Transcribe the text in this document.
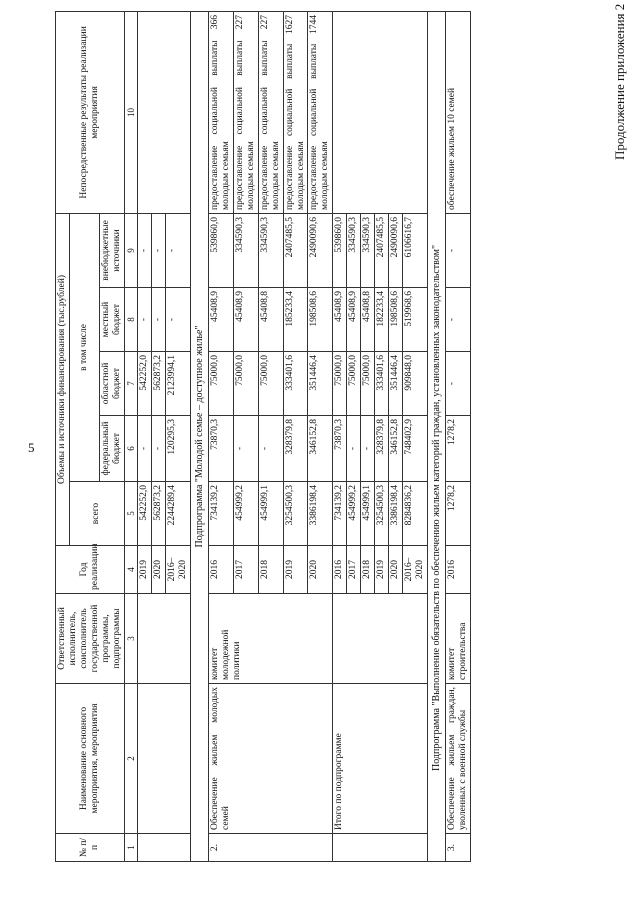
5
Продолжение приложения 2
№ п/п	Наименование основного мероприятия, мероприятия	Ответственный исполнитель, соисполнитель государственной программы, подпрограммы	Год реализации	Объемы и источники финансирования (тыс.рублей)					Непосредственные результаты реализации мероприятия
				всего	в том числе				
					федеральный бюджет	областной бюджет	местный бюджет	внебюджетные источники	
1	2	3	4	5	6	7	8	9	10
			2019	542252,0	-	542252,0	-	-	
			2020	562873,2	-	562873,2	-	-	
			2016–2020	2244289,4	120295,3	2123994,1	-	-	
Подпрограмма "Молодой семье – доступное жилье"									
2.	Обеспечение жильем молодых семей	комитет молодежной политики	2016	734139,2	73870,3	75000,0	45408,9	539860,0	предоставление социальной выплаты 366 молодым семьям
			2017	454999,2	-	75000,0	45408,9	334590,3	предоставление социальной выплаты 227 молодым семьям
			2018	454999,1	-	75000,0	45408,8	334590,3	предоставление социальной выплаты 227 молодым семьям
			2019	3254500,3	328379,8	333401,6	185233,4	2407485,5	предоставление социальной выплаты 1627 молодым семьям
			2020	3386198,4	346152,8	351446,4	198508,6	2490090,6	предоставление социальной выплаты 1744 молодым семьям
	Итого по подпрограмме		2016	734139,2	73870,3	75000,0	45408,9	539860,0	
			2017	454999,2	-	75000,0	45408,9	334590,3	
			2018	454999,1	-	75000,0	45408,8	334590,3	
			2019	3254500,3	328379,8	333401,6	182233,4	2407485,5	
			2020	3386198,4	346152,8	351446,4	198508,6	2490090,6	
			2016–2020	8284836,2	748402,9	909848,0	519968,6	6106616,7	
Подпрограмма "Выполнение обязательств по обеспечению жильем категорий граждан, установленных законодательством"									
3.	Обеспечение жильем граждан, уволенных с военной службы	комитет строительства	2016	1278,2	1278,2	-	-	-	обеспечение жильем 10 семей
